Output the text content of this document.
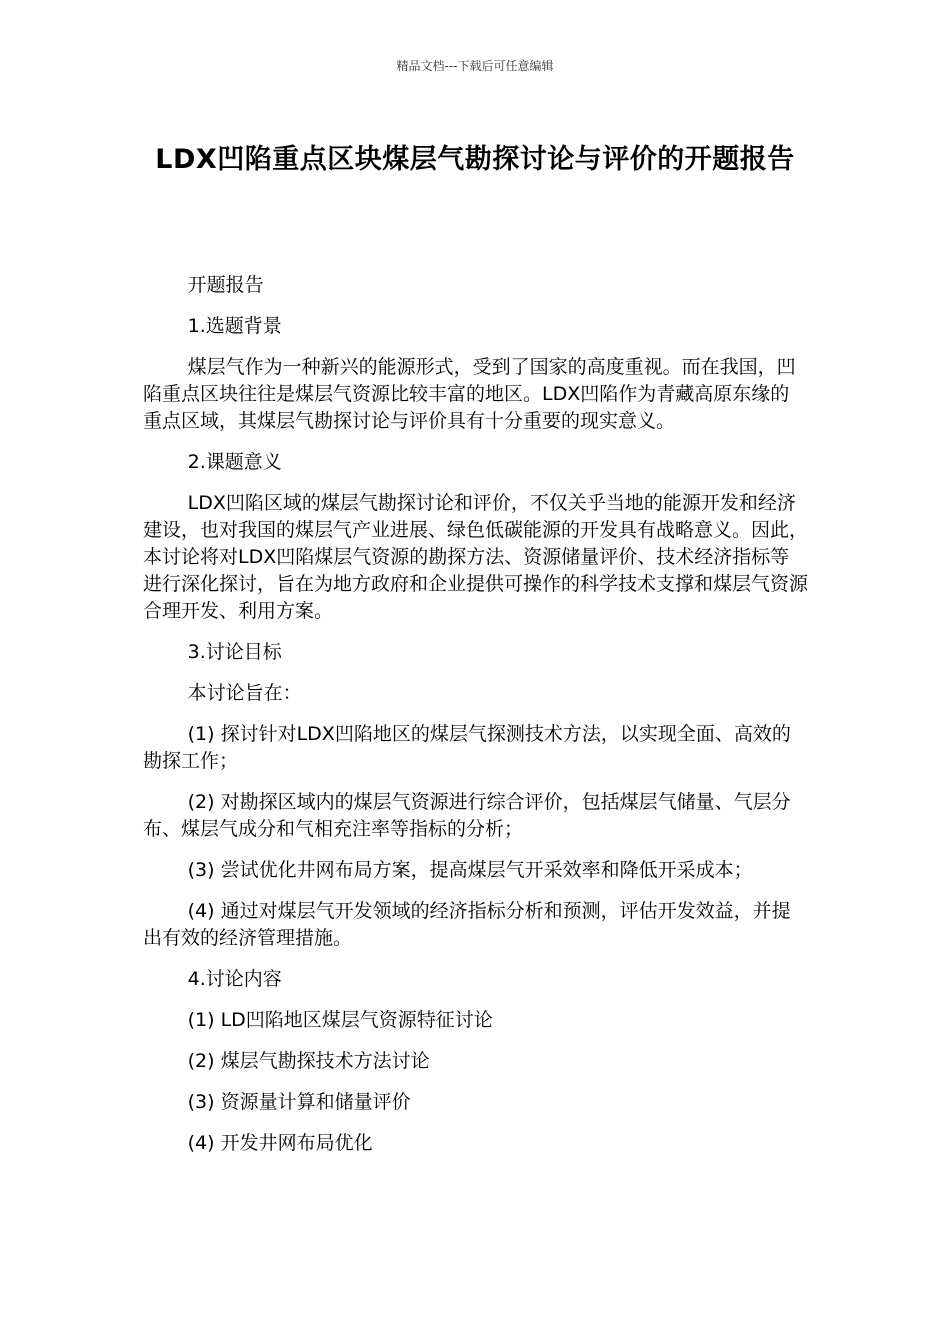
精品文档---下载后可任意编辑
LDX凹陷重点区块煤层气勘探讨论与评价的开题报告

开题报告

1.选题背景

煤层气作为一种新兴的能源形式，受到了国家的高度重视。而在我国，凹陷重点区块往往是煤层气资源比较丰富的地区。LDX凹陷作为青藏高原东缘的重点区域，其煤层气勘探讨论与评价具有十分重要的现实意义。

2.课题意义

LDX凹陷区域的煤层气勘探讨论和评价，不仅关乎当地的能源开发和经济建设，也对我国的煤层气产业进展、绿色低碳能源的开发具有战略意义。因此，本讨论将对LDX凹陷煤层气资源的勘探方法、资源储量评价、技术经济指标等进行深化探讨，旨在为地方政府和企业提供可操作的科学技术支撑和煤层气资源合理开发、利用方案。

3.讨论目标

本讨论旨在：

(1) 探讨针对LDX凹陷地区的煤层气探测技术方法，以实现全面、高效的勘探工作；

(2) 对勘探区域内的煤层气资源进行综合评价，包括煤层气储量、气层分布、煤层气成分和气相充注率等指标的分析；

(3) 尝试优化井网布局方案，提高煤层气开采效率和降低开采成本；

(4) 通过对煤层气开发领域的经济指标分析和预测，评估开发效益，并提出有效的经济管理措施。

4.讨论内容

(1) LD凹陷地区煤层气资源特征讨论

(2) 煤层气勘探技术方法讨论

(3) 资源量计算和储量评价

(4) 开发井网布局优化
